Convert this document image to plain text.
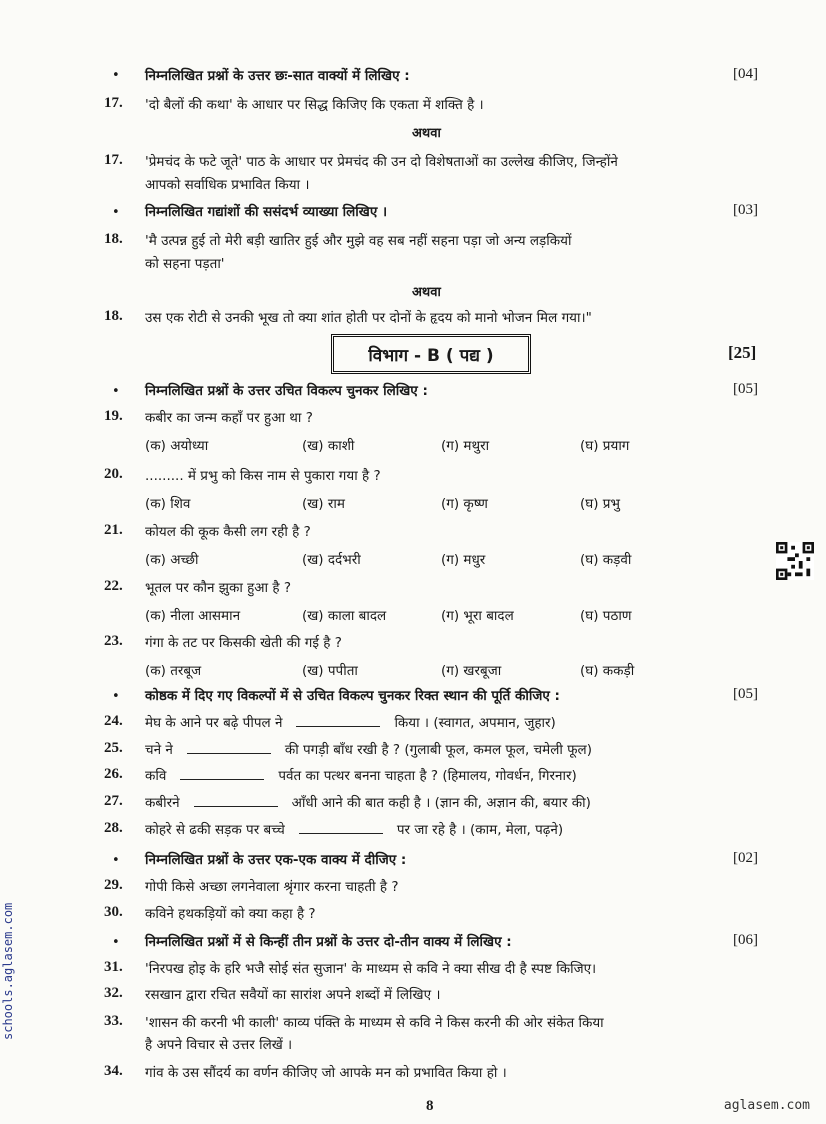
• निम्नलिखित प्रश्नों के उत्तर छः-सात वाक्यों में लिखिए :	[04]
17. 'दो बैलों की कथा' के आधार पर सिद्ध किजिए कि एकता में शक्ति है ।
अथवा
17. 'प्रेमचंद के फटे जूते' पाठ के आधार पर प्रेमचंद की उन दो विशेषताओं का उल्लेख कीजिए, जिन्होंने
आपको सर्वाधिक प्रभावित किया ।
• निम्नलिखित गद्यांशों की ससंदर्भ व्याख्या लिखिए ।	[03]
18. 'मै उत्पन्न हुई तो मेरी बड़ी खातिर हुई और मुझे वह सब नहीं सहना पड़ा जो अन्य लड़कियों
को सहना पड़ता'
अथवा
18. उस एक रोटी से उनकी भूख तो क्या शांत होती पर दोनों के हृदय को मानो भोजन मिल गया।"
विभाग - B ( पद्य )	[25]
• निम्नलिखित प्रश्नों के उत्तर उचित विकल्प चुनकर लिखिए :	[05]
19. कबीर का जन्म कहाँ पर हुआ था ?
(क) अयोध्या	(ख) काशी	(ग) मथुरा	(घ) प्रयाग
20. ......... में प्रभु को किस नाम से पुकारा गया है ?
(क) शिव	(ख) राम	(ग) कृष्ण	(घ) प्रभु
21. कोयल की कूक कैसी लग रही है ?
(क) अच्छी	(ख) दर्दभरी	(ग) मधुर	(घ) कड़वी
22. भूतल पर कौन झुका हुआ है ?
(क) नीला आसमान	(ख) काला बादल	(ग) भूरा बादल	(घ) पठाण
23. गंगा के तट पर किसकी खेती की गई है ?
(क) तरबूज	(ख) पपीता	(ग) खरबूजा	(घ) ककड़ी
• कोष्ठक में दिए गए विकल्पों में से उचित विकल्प चुनकर रिक्त स्थान की पूर्ति कीजिए :	[05]
24. मेघ के आने पर बढ़े पीपल ने	किया । (स्वागत, अपमान, जुहार)
25. चने ने	की पगड़ी बाँध रखी है ? (गुलाबी फूल, कमल फूल, चमेली फूल)
26. कवि	पर्वत का पत्थर बनना चाहता है ? (हिमालय, गोवर्धन, गिरनार)
27. कबीरने	आँधी आने की बात कही है । (ज्ञान की, अज्ञान की, बयार की)
28. कोहरे से ढकी सड़क पर बच्चे	पर जा रहे है । (काम, मेला, पढ़ने)
• निम्नलिखित प्रश्नों के उत्तर एक-एक वाक्य में दीजिए :	[02]
29. गोपी किसे अच्छा लगनेवाला श्रृंगार करना चाहती है ?
30. कविने हथकड़ियों को क्या कहा है ?
• निम्नलिखित प्रश्नों में से किन्हीं तीन प्रश्नों के उत्तर दो-तीन वाक्य में लिखिए :	[06]
31. 'निरपख होइ के हरि भजै सोई संत सुजान' के माध्यम से कवि ने क्या सीख दी है स्पष्ट किजिए।
32. रसखान द्वारा रचित सवैयों का सारांश अपने शब्दों में लिखिए ।
33. 'शासन की करनी भी काली' काव्य पंक्ति के माध्यम से कवि ने किस करनी की ओर संकेत किया
है अपने विचार से उत्तर लिखें ।
34. गांव के उस सौंदर्य का वर्णन कीजिए जो आपके मन को प्रभावित किया हो ।
8
schools.aglasem.com
aglasem.com
